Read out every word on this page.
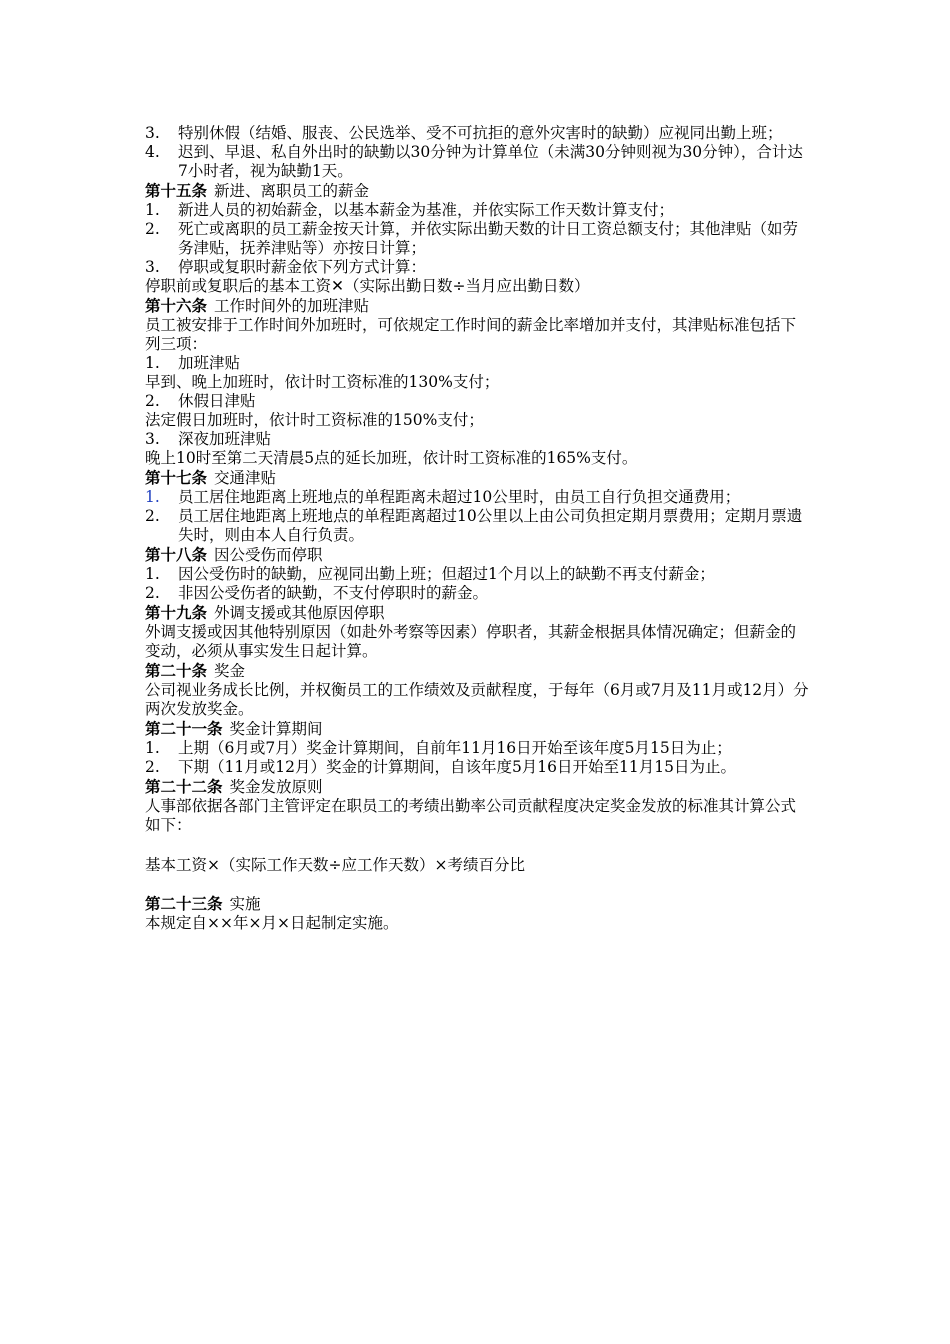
3.	特别休假（结婚、服丧、公民选举、受不可抗拒的意外灾害时的缺勤）应视同出勤上班；
4.	迟到、早退、私自外出时的缺勤以30分钟为计算单位（未满30分钟则视为30分钟），合计达7小时者，视为缺勤1天。
第十五条 新进、离职员工的薪金
1.	新进人员的初始薪金，以基本薪金为基准，并依实际工作天数计算支付；
2.	死亡或离职的员工薪金按天计算，并依实际出勤天数的计日工资总额支付；其他津贴（如劳务津贴，抚养津贴等）亦按日计算；
3.	停职或复职时薪金依下列方式计算：
停职前或复职后的基本工资✕（实际出勤日数÷当月应出勤日数）
第十六条 工作时间外的加班津贴
员工被安排于工作时间外加班时，可依规定工作时间的薪金比率增加并支付，其津贴标准包括下列三项：
1.	加班津贴
早到、晚上加班时，依计时工资标准的130%支付；
2.	休假日津贴
法定假日加班时，依计时工资标准的150%支付；
3.	深夜加班津贴
晚上10时至第二天清晨5点的延长加班，依计时工资标准的165%支付。
第十七条 交通津贴
1.	员工居住地距离上班地点的单程距离未超过10公里时，由员工自行负担交通费用；
2.	员工居住地距离上班地点的单程距离超过10公里以上由公司负担定期月票费用；定期月票遗失时，则由本人自行负责。
第十八条 因公受伤而停职
1.	因公受伤时的缺勤，应视同出勤上班；但超过1个月以上的缺勤不再支付薪金；
2.	非因公受伤者的缺勤，不支付停职时的薪金。
第十九条 外调支援或其他原因停职
外调支援或因其他特别原因（如赴外考察等因素）停职者，其薪金根据具体情况确定；但薪金的变动，必须从事实发生日起计算。
第二十条 奖金
公司视业务成长比例，并权衡员工的工作绩效及贡献程度，于每年（6月或7月及11月或12月）分两次发放奖金。
第二十一条 奖金计算期间
1.	上期（6月或7月）奖金计算期间，自前年11月16日开始至该年度5月15日为止；
2.	下期（11月或12月）奖金的计算期间，自该年度5月16日开始至11月15日为止。
第二十二条 奖金发放原则
人事部依据各部门主管评定在职员工的考绩出勤率公司贡献程度决定奖金发放的标准其计算公式如下：
基本工资×（实际工作天数÷应工作天数）×考绩百分比
第二十三条 实施
本规定自××年×月×日起制定实施。
